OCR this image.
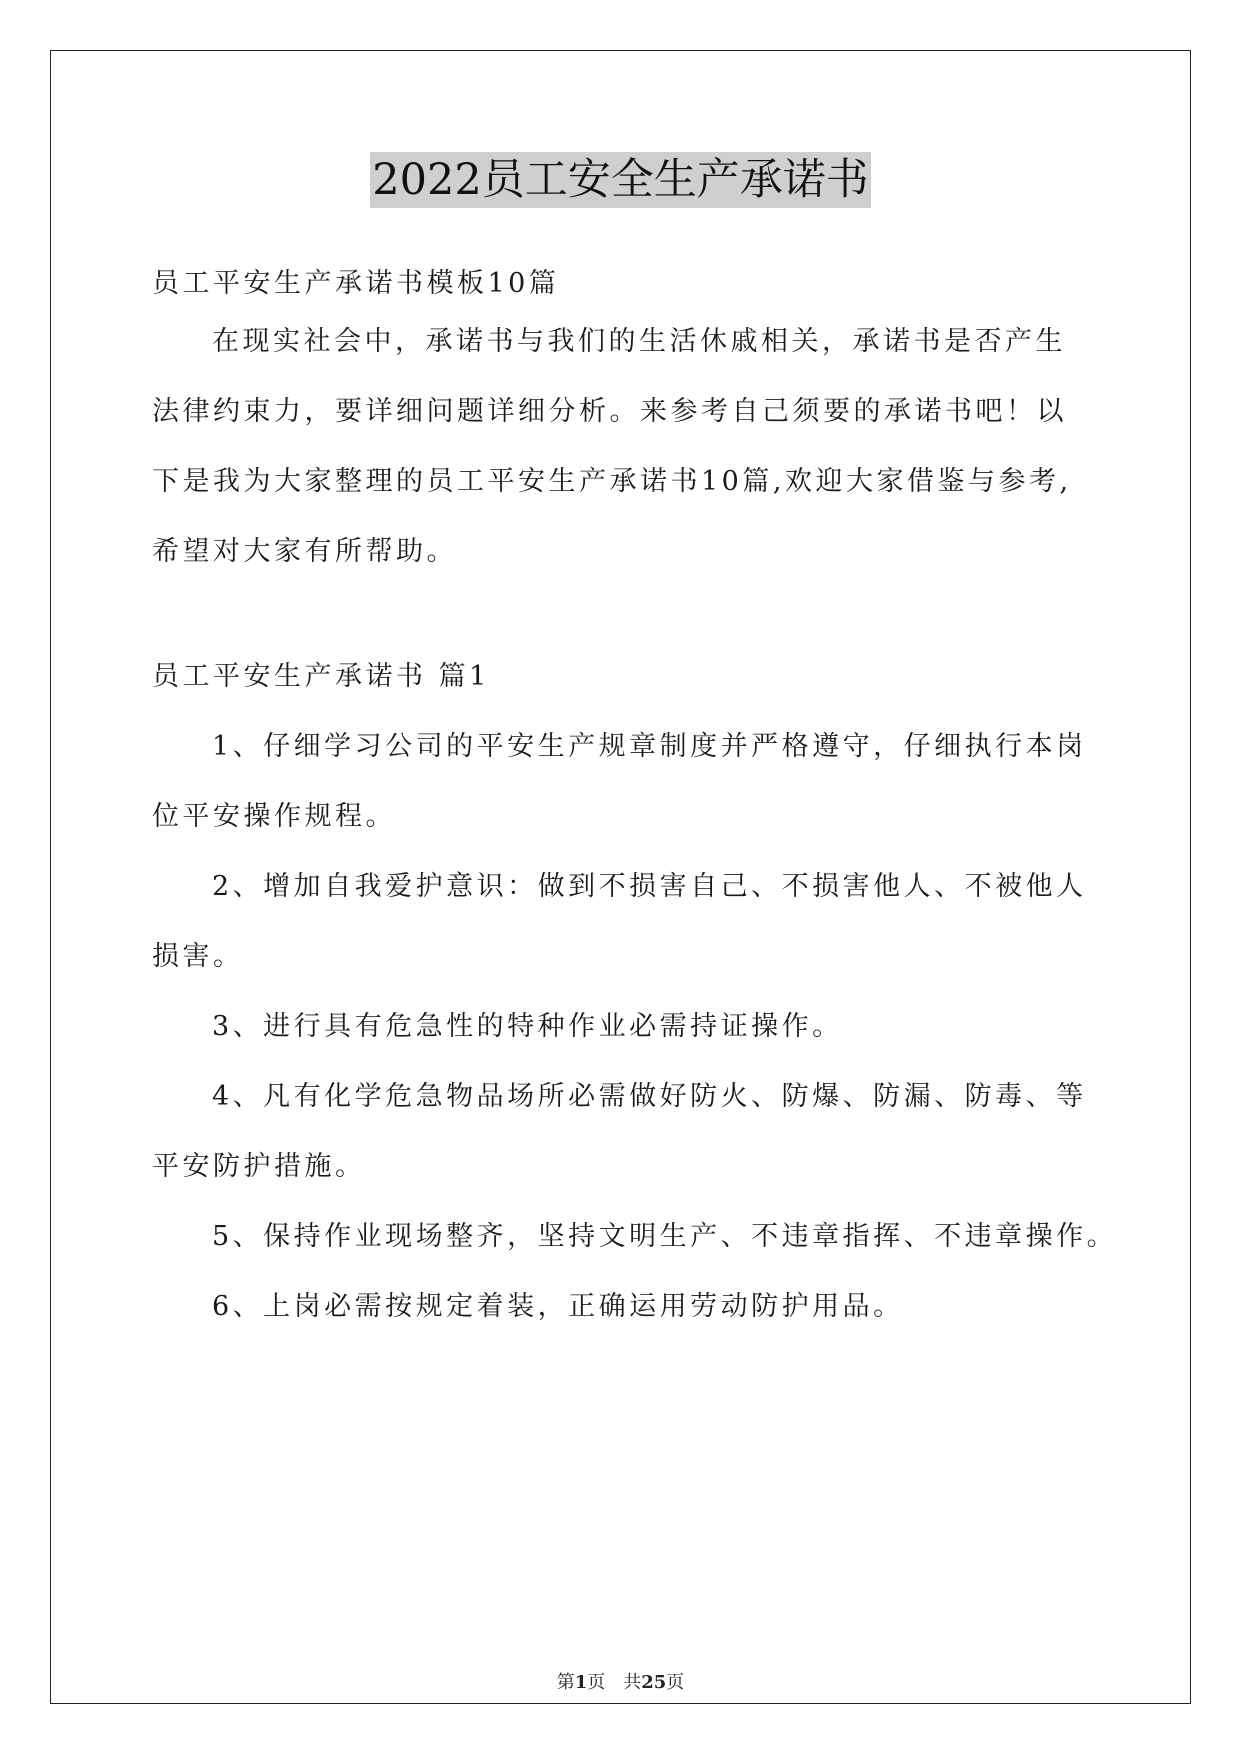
2022员工安全生产承诺书
员工平安生产承诺书模板10篇
在现实社会中，承诺书与我们的生活休戚相关，承诺书是否产生
法律约束力，要详细问题详细分析。来参考自己须要的承诺书吧！以
下是我为大家整理的员工平安生产承诺书10篇,欢迎大家借鉴与参考,
希望对大家有所帮助。
员工平安生产承诺书 篇1
1、仔细学习公司的平安生产规章制度并严格遵守，仔细执行本岗
位平安操作规程。
2、增加自我爱护意识：做到不损害自己、不损害他人、不被他人
损害。
3、进行具有危急性的特种作业必需持证操作。
4、凡有化学危急物品场所必需做好防火、防爆、防漏、防毒、等
平安防护措施。
5、保持作业现场整齐，坚持文明生产、不违章指挥、不违章操作。
6、上岗必需按规定着装，正确运用劳动防护用品。
第1页 共25页
